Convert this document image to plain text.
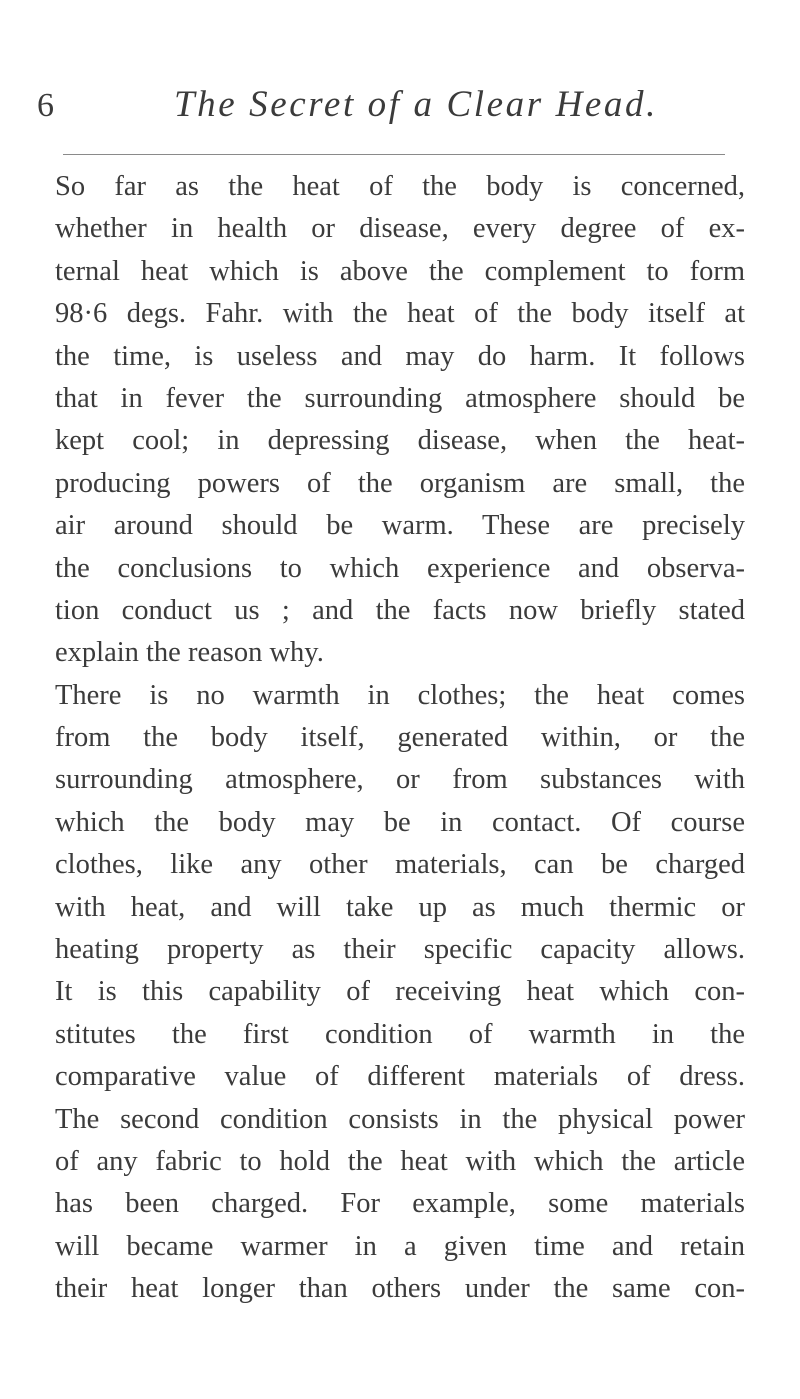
6	The Secret of a Clear Head.
So far as the heat of the body is concerned,
whether in health or disease, every degree of ex-
ternal heat which is above the complement to form
98·6 degs. Fahr. with the heat of the body itself at
the time, is useless and may do harm. It follows
that in fever the surrounding atmosphere should be
kept cool; in depressing disease, when the heat-
producing powers of the organism are small, the
air around should be warm. These are precisely
the conclusions to which experience and observa-
tion conduct us ; and the facts now briefly stated
explain the reason why.
There is no warmth in clothes; the heat comes
from the body itself, generated within, or the
surrounding atmosphere, or from substances with
which the body may be in contact. Of course
clothes, like any other materials, can be charged
with heat, and will take up as much thermic or
heating property as their specific capacity allows.
It is this capability of receiving heat which con-
stitutes the first condition of warmth in the
comparative value of different materials of dress.
The second condition consists in the physical power
of any fabric to hold the heat with which the article
has been charged. For example, some materials
will became warmer in a given time and retain
their heat longer than others under the same con-
